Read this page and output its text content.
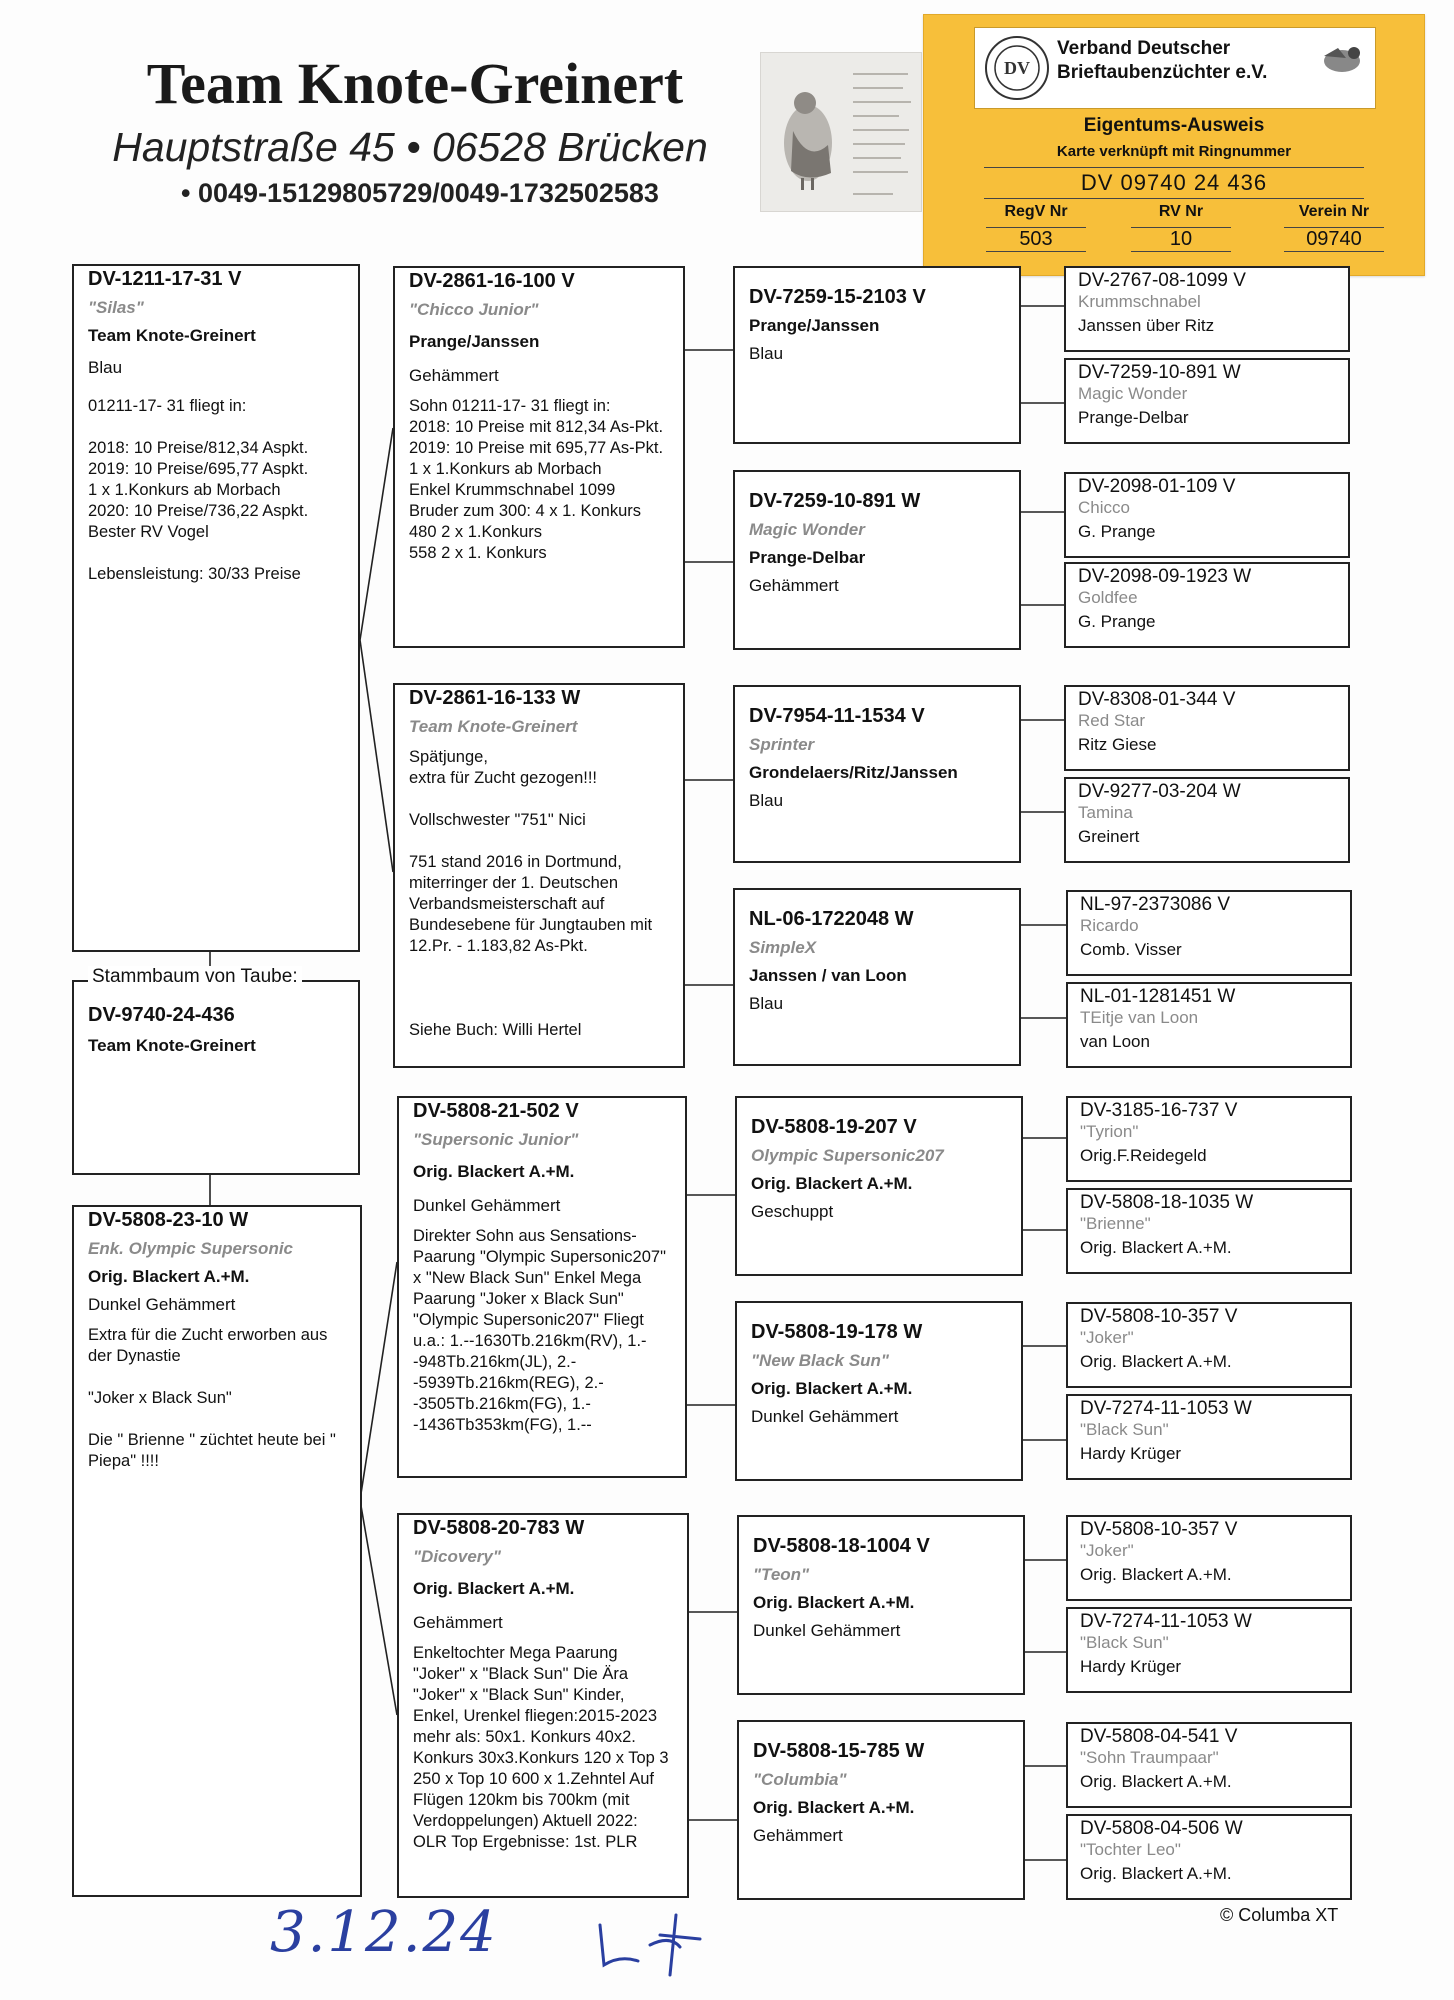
Team Knote-Greinert
Hauptstraße 45 • 06528 Brücken
• 0049-15129805729/0049-1732502583
DV
Verband Deutscher
Brieftaubenzüchter e.V.
Eigentums-Ausweis
Karte verknüpft mit Ringnummer
DV 09740 24 436
RegV Nr	RV Nr	Verein Nr
503	10	09740
DV-1211-17-31 V
"Silas"
Team Knote-Greinert
Blau
01211-17- 31 fliegt in:

2018: 10 Preise/812,34 Aspkt.
2019: 10 Preise/695,77 Aspkt.
1 x 1.Konkurs ab Morbach
2020: 10 Preise/736,22 Aspkt.
Bester RV Vogel

Lebensleistung: 30/33 Preise
DV-9740-24-436
Team Knote-Greinert
Stammbaum von Taube:
DV-5808-23-10 W
Enk. Olympic Supersonic
Orig. Blackert A.+M.
Dunkel Gehämmert
Extra für die Zucht erworben aus der Dynastie

"Joker x Black Sun"

Die " Brienne " züchtet heute bei " Piepa" !!!!
DV-2861-16-100 V
"Chicco Junior"
Prange/Janssen
Gehämmert
Sohn 01211-17- 31 fliegt in:
2018: 10 Preise mit 812,34 As-Pkt.
2019: 10 Preise mit 695,77 As-Pkt.
1 x 1.Konkurs ab Morbach
Enkel Krummschnabel 1099
Bruder zum 300: 4 x 1. Konkurs
480 2 x 1.Konkurs
558 2 x 1. Konkurs
DV-2861-16-133 W
Team Knote-Greinert
Spätjunge,
extra für Zucht gezogen!!!

Vollschwester "751" Nici

751 stand 2016 in Dortmund, miterringer der 1. Deutschen Verbandsmeisterschaft auf Bundesebene für Jungtauben mit 12.Pr. - 1.183,82 As-Pkt.

Siehe Buch: Willi Hertel
DV-5808-21-502 V
"Supersonic Junior"
Orig. Blackert A.+M.
Dunkel Gehämmert
Direkter Sohn aus Sensations-Paarung "Olympic Supersonic207" x "New Black Sun" Enkel Mega Paarung "Joker x Black Sun" "Olympic Supersonic207" Fliegt u.a.: 1.--1630Tb.216km(RV), 1.--948Tb.216km(JL), 2.--5939Tb.216km(REG), 2.--3505Tb.216km(FG), 1.--1436Tb353km(FG), 1.--
DV-5808-20-783 W
"Dicovery"
Orig. Blackert A.+M.
Gehämmert
Enkeltochter Mega Paarung "Joker" x "Black Sun" Die Ära "Joker" x "Black Sun" Kinder, Enkel, Urenkel fliegen:2015-2023 mehr als: 50x1. Konkurs 40x2. Konkurs 30x3.Konkurs 120 x Top 3 250 x Top 10 600 x 1.Zehntel Auf Flügen 120km bis 700km (mit Verdoppelungen) Aktuell 2022: OLR Top Ergebnisse: 1st. PLR
DV-7259-15-2103 V
Prange/Janssen
Blau
DV-7259-10-891 W
Magic Wonder
Prange-Delbar
Gehämmert
DV-7954-11-1534 V
Sprinter
Grondelaers/Ritz/Janssen
Blau
NL-06-1722048 W
SimpleX
Janssen / van Loon
Blau
DV-5808-19-207 V
Olympic Supersonic207
Orig. Blackert A.+M.
Geschuppt
DV-5808-19-178 W
"New Black Sun"
Orig. Blackert A.+M.
Dunkel Gehämmert
DV-5808-18-1004 V
"Teon"
Orig. Blackert A.+M.
Dunkel Gehämmert
DV-5808-15-785 W
"Columbia"
Orig. Blackert A.+M.
Gehämmert
DV-2767-08-1099 V
Krummschnabel
Janssen über Ritz
DV-7259-10-891 W
Magic Wonder
Prange-Delbar
DV-2098-01-109 V
Chicco
G. Prange
DV-2098-09-1923 W
Goldfee
G. Prange
DV-8308-01-344 V
Red Star
Ritz Giese
DV-9277-03-204 W
Tamina
Greinert
NL-97-2373086 V
Ricardo
Comb. Visser
NL-01-1281451 W
TEitje van Loon
van Loon
DV-3185-16-737 V
"Tyrion"
Orig.F.Reidegeld
DV-5808-18-1035 W
"Brienne"
Orig. Blackert A.+M.
DV-5808-10-357 V
"Joker"
Orig. Blackert A.+M.
DV-7274-11-1053 W
"Black Sun"
Hardy Krüger
DV-5808-10-357 V
"Joker"
Orig. Blackert A.+M.
DV-7274-11-1053 W
"Black Sun"
Hardy Krüger
DV-5808-04-541 V
"Sohn Traumpaar"
Orig. Blackert A.+M.
DV-5808-04-506 W
"Tochter Leo"
Orig. Blackert A.+M.
© Columba XT
3.12.24
